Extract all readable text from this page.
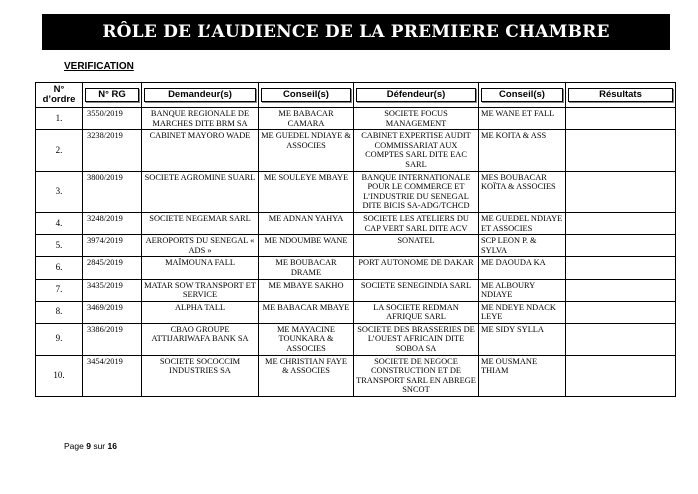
RÔLE DE L’AUDIENCE DE LA PREMIERE CHAMBRE
VERIFICATION
N° d’ordre	N° RG	Demandeur(s)	Conseil(s)	Défendeur(s)	Conseil(s)	Résultats

1.	3550/2019	BANQUE REGIONALE DE MARCHES DITE BRM SA	ME BABACAR CAMARA	SOCIETE FOCUS MANAGEMENT	ME WANE ET FALL	
2.	3238/2019	CABINET MAYORO WADE	ME GUEDEL NDIAYE & ASSOCIES	CABINET EXPERTISE AUDIT COMMISSARIAT AUX COMPTES SARL DITE EAC SARL	ME KOITA & ASS	
3.	3800/2019	SOCIETE AGROMINE SUARL	ME SOULEYE MBAYE	BANQUE INTERNATIONALE POUR LE COMMERCE ET L’INDUSTRIE DU SENEGAL DITE BICIS SA-ADG/TCHCD	MES BOUBACAR KOÏTA & ASSOCIES	
4.	3248/2019	SOCIETE NEGEMAR SARL	ME ADNAN YAHYA	SOCIETE LES ATELIERS DU CAP VERT SARL DITE ACV	ME GUEDEL NDIAYE ET ASSOCIES	
5.	3974/2019	AEROPORTS DU SENEGAL « ADS »	ME NDOUMBE WANE	SONATEL	SCP LEON P. & SYLVA	
6.	2845/2019	MAÏMOUNA FALL	ME BOUBACAR DRAME	PORT AUTONOME DE DAKAR	ME DAOUDA KA	
7.	3435/2019	MATAR SOW TRANSPORT ET SERVICE	ME MBAYE SAKHO	SOCIETE SENEGINDIA SARL	ME ALBOURY NDIAYE	
8.	3469/2019	ALPHA TALL	ME BABACAR MBAYE	LA SOCIETE REDMAN AFRIQUE SARL	ME NDEYE NDACK LEYE	
9.	3386/2019	CBAO GROUPE ATTIJARIWAFA BANK SA	ME MAYACINE TOUNKARA & ASSOCIES	SOCIETE DES BRASSERIES DE L’OUEST AFRICAIN DITE SOBOA SA	ME SIDY SYLLA	
10.	3454/2019	SOCIETE SOCOCCIM INDUSTRIES SA	ME CHRISTIAN FAYE & ASSOCIES	SOCIETE DE NEGOCE CONSTRUCTION ET DE TRANSPORT SARL EN ABREGE SNCOT	ME OUSMANE THIAM	
Page 9 sur 16
